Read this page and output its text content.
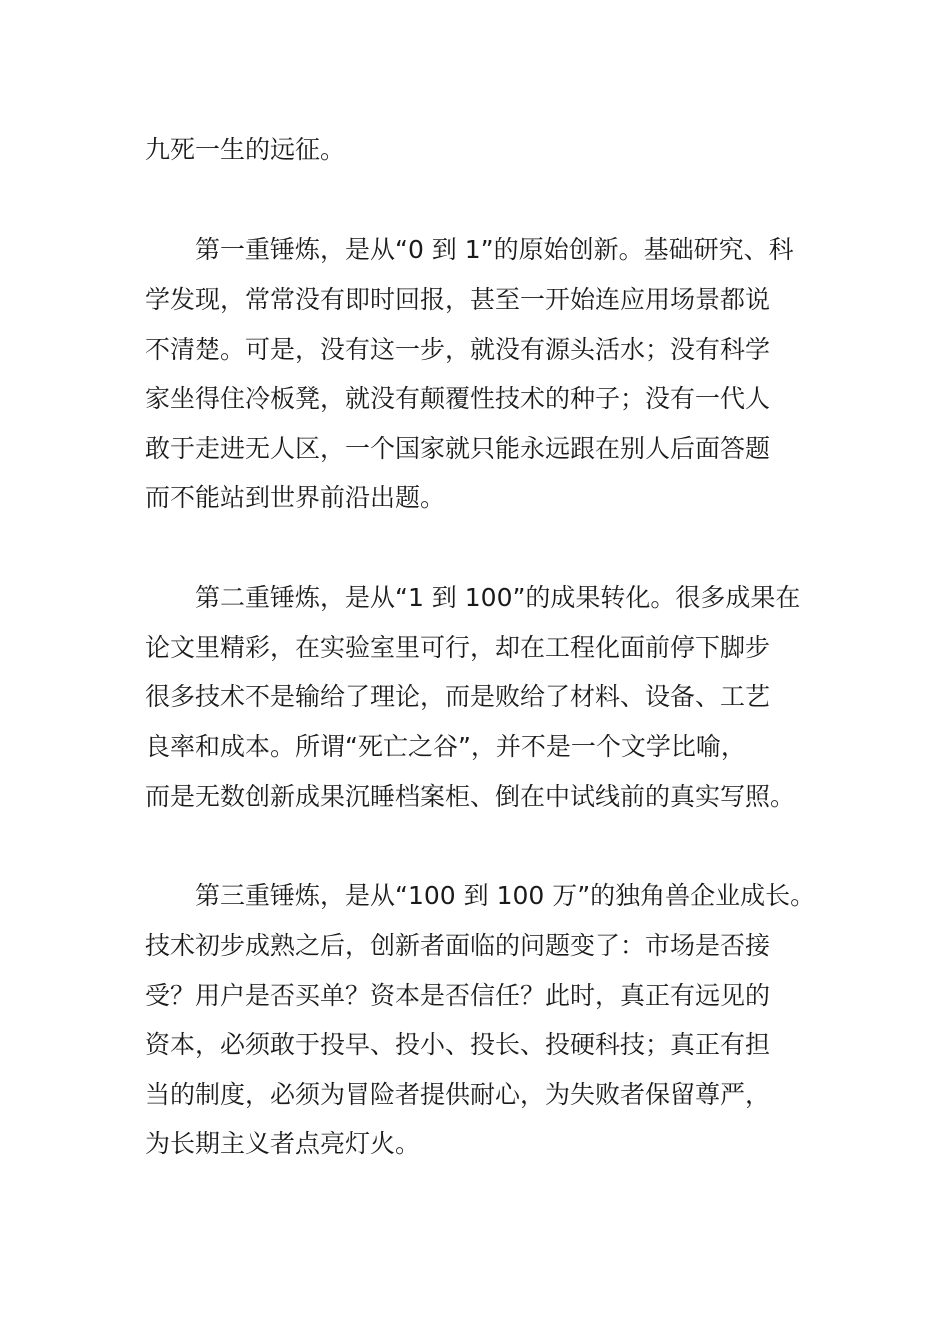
九死一生的远征。
第一重锤炼，是从“0 到 1”的原始创新。基础研究、科
学发现，常常没有即时回报，甚至一开始连应用场景都说
不清楚。可是，没有这一步，就没有源头活水；没有科学
家坐得住冷板凳，就没有颠覆性技术的种子；没有一代人
敢于走进无人区，一个国家就只能永远跟在别人后面答题
而不能站到世界前沿出题。
第二重锤炼，是从“1 到 100”的成果转化。很多成果在
论文里精彩，在实验室里可行，却在工程化面前停下脚步
很多技术不是输给了理论，而是败给了材料、设备、工艺
良率和成本。所谓“死亡之谷”，并不是一个文学比喻，
而是无数创新成果沉睡档案柜、倒在中试线前的真实写照。
第三重锤炼，是从“100 到 100 万”的独角兽企业成长。
技术初步成熟之后，创新者面临的问题变了：市场是否接
受？用户是否买单？资本是否信任？此时，真正有远见的
资本，必须敢于投早、投小、投长、投硬科技；真正有担
当的制度，必须为冒险者提供耐心，为失败者保留尊严，
为长期主义者点亮灯火。
